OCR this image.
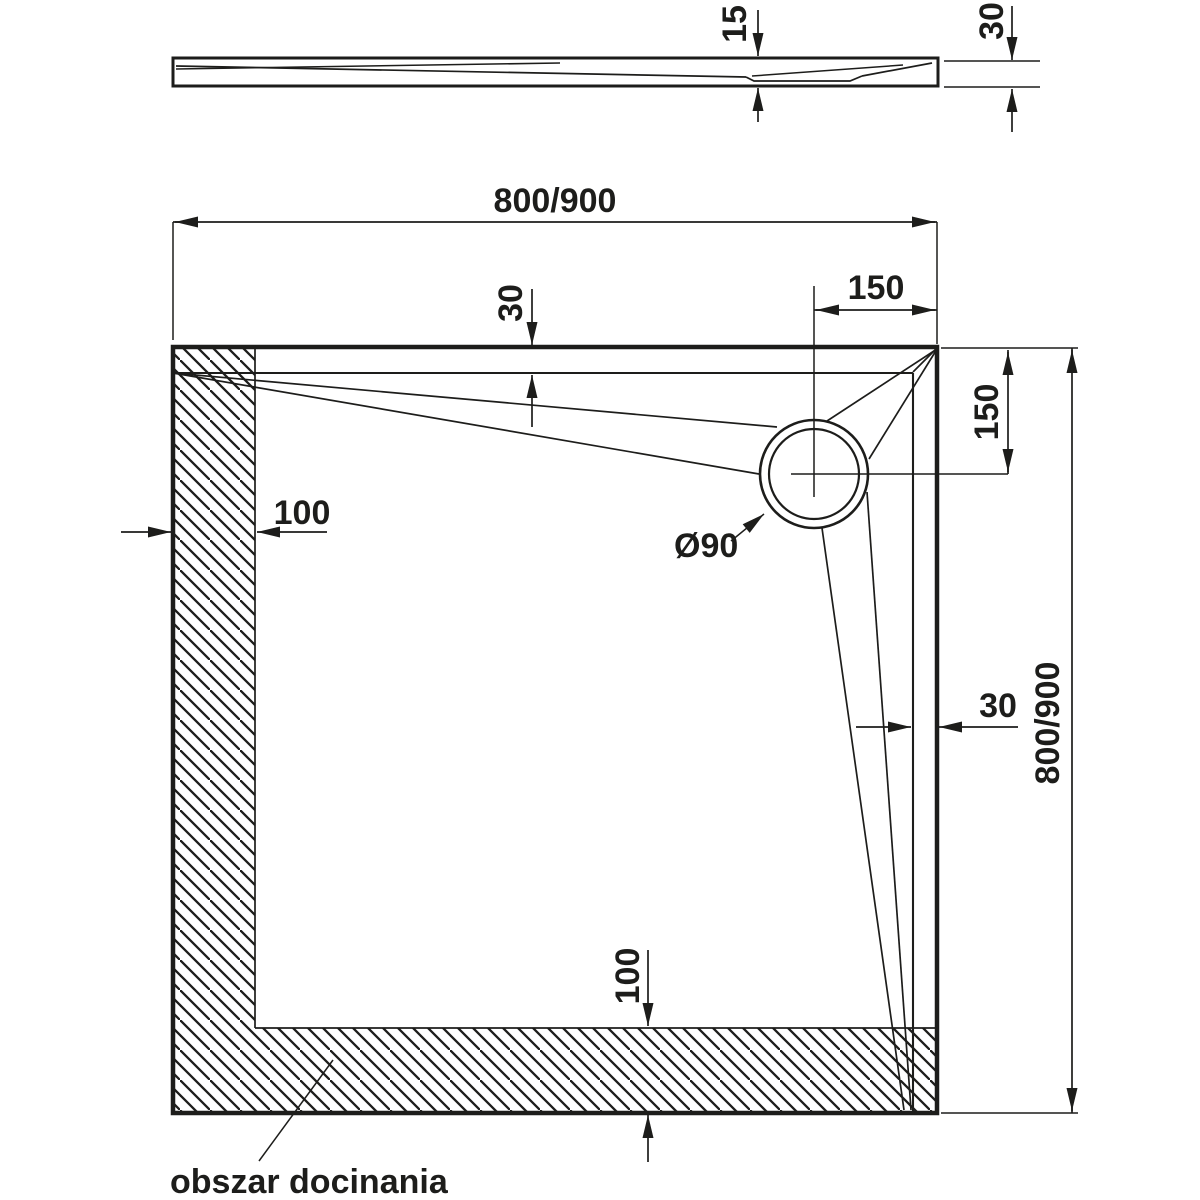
15	30
800/900
30	150
150
800/900
30
100
100
Ø90
obszar docinania
